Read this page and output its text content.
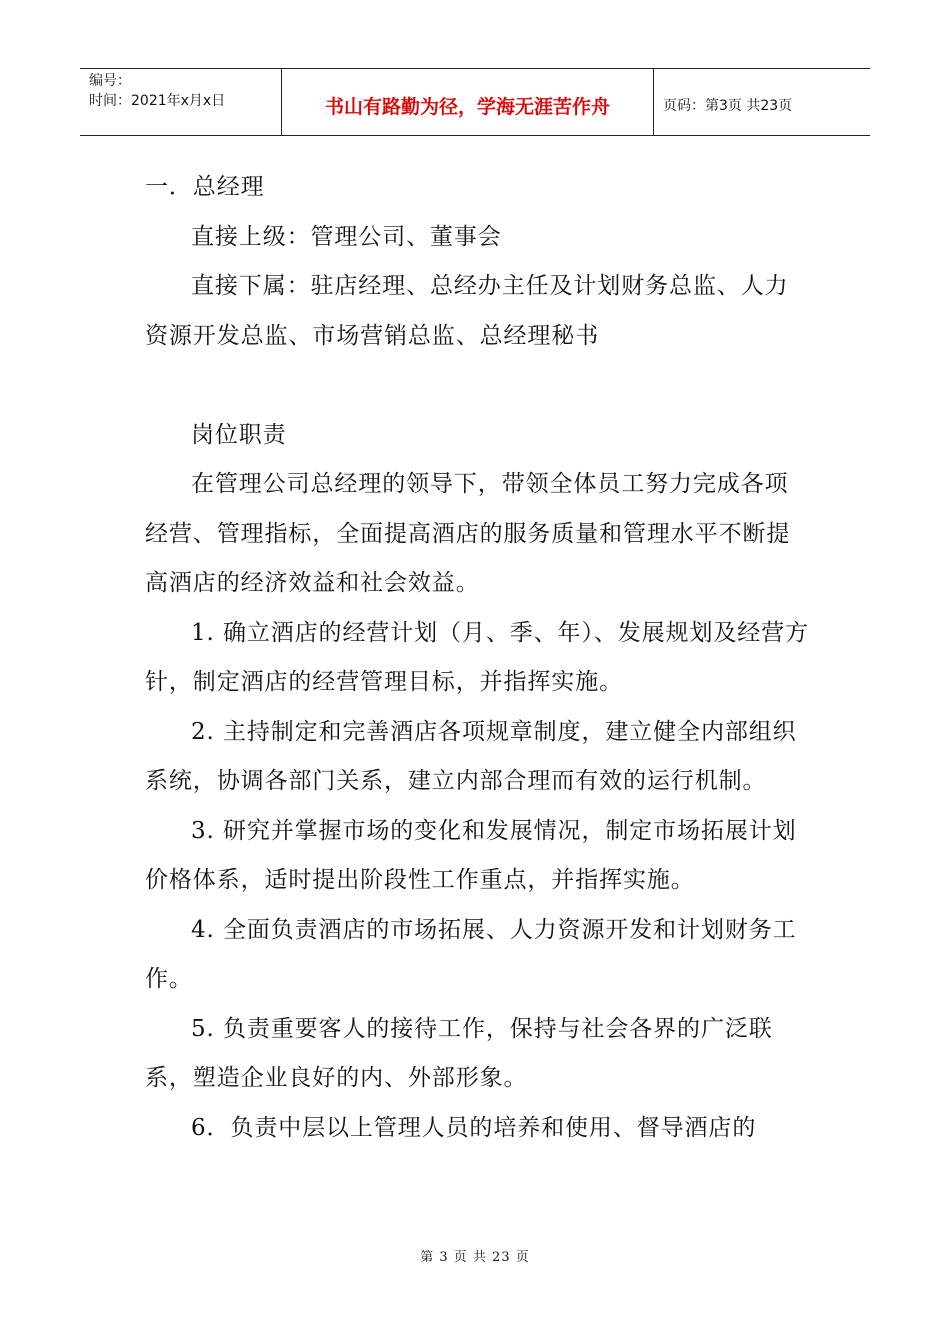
编号：
时间：2021年x月x日	书山有路勤为径，学海无涯苦作舟	页码：第3页 共23页

一．总经理

直接上级：管理公司、董事会

直接下属：驻店经理、总经办主任及计划财务总监、人力资源开发总监、市场营销总监、总经理秘书

岗位职责

在管理公司总经理的领导下，带领全体员工努力完成各项经营、管理指标，全面提高酒店的服务质量和管理水平不断提高酒店的经济效益和社会效益。

1. 确立酒店的经营计划（月、季、年）、发展规划及经营方针，制定酒店的经营管理目标，并指挥实施。

2. 主持制定和完善酒店各项规章制度，建立健全内部组织系统，协调各部门关系，建立内部合理而有效的运行机制。

3. 研究并掌握市场的变化和发展情况，制定市场拓展计划价格体系，适时提出阶段性工作重点，并指挥实施。

4. 全面负责酒店的市场拓展、人力资源开发和计划财务工作。

5. 负责重要客人的接待工作，保持与社会各界的广泛联系，塑造企业良好的内、外部形象。

6．负责中层以上管理人员的培养和使用、督导酒店的

第 3 页 共 23 页
